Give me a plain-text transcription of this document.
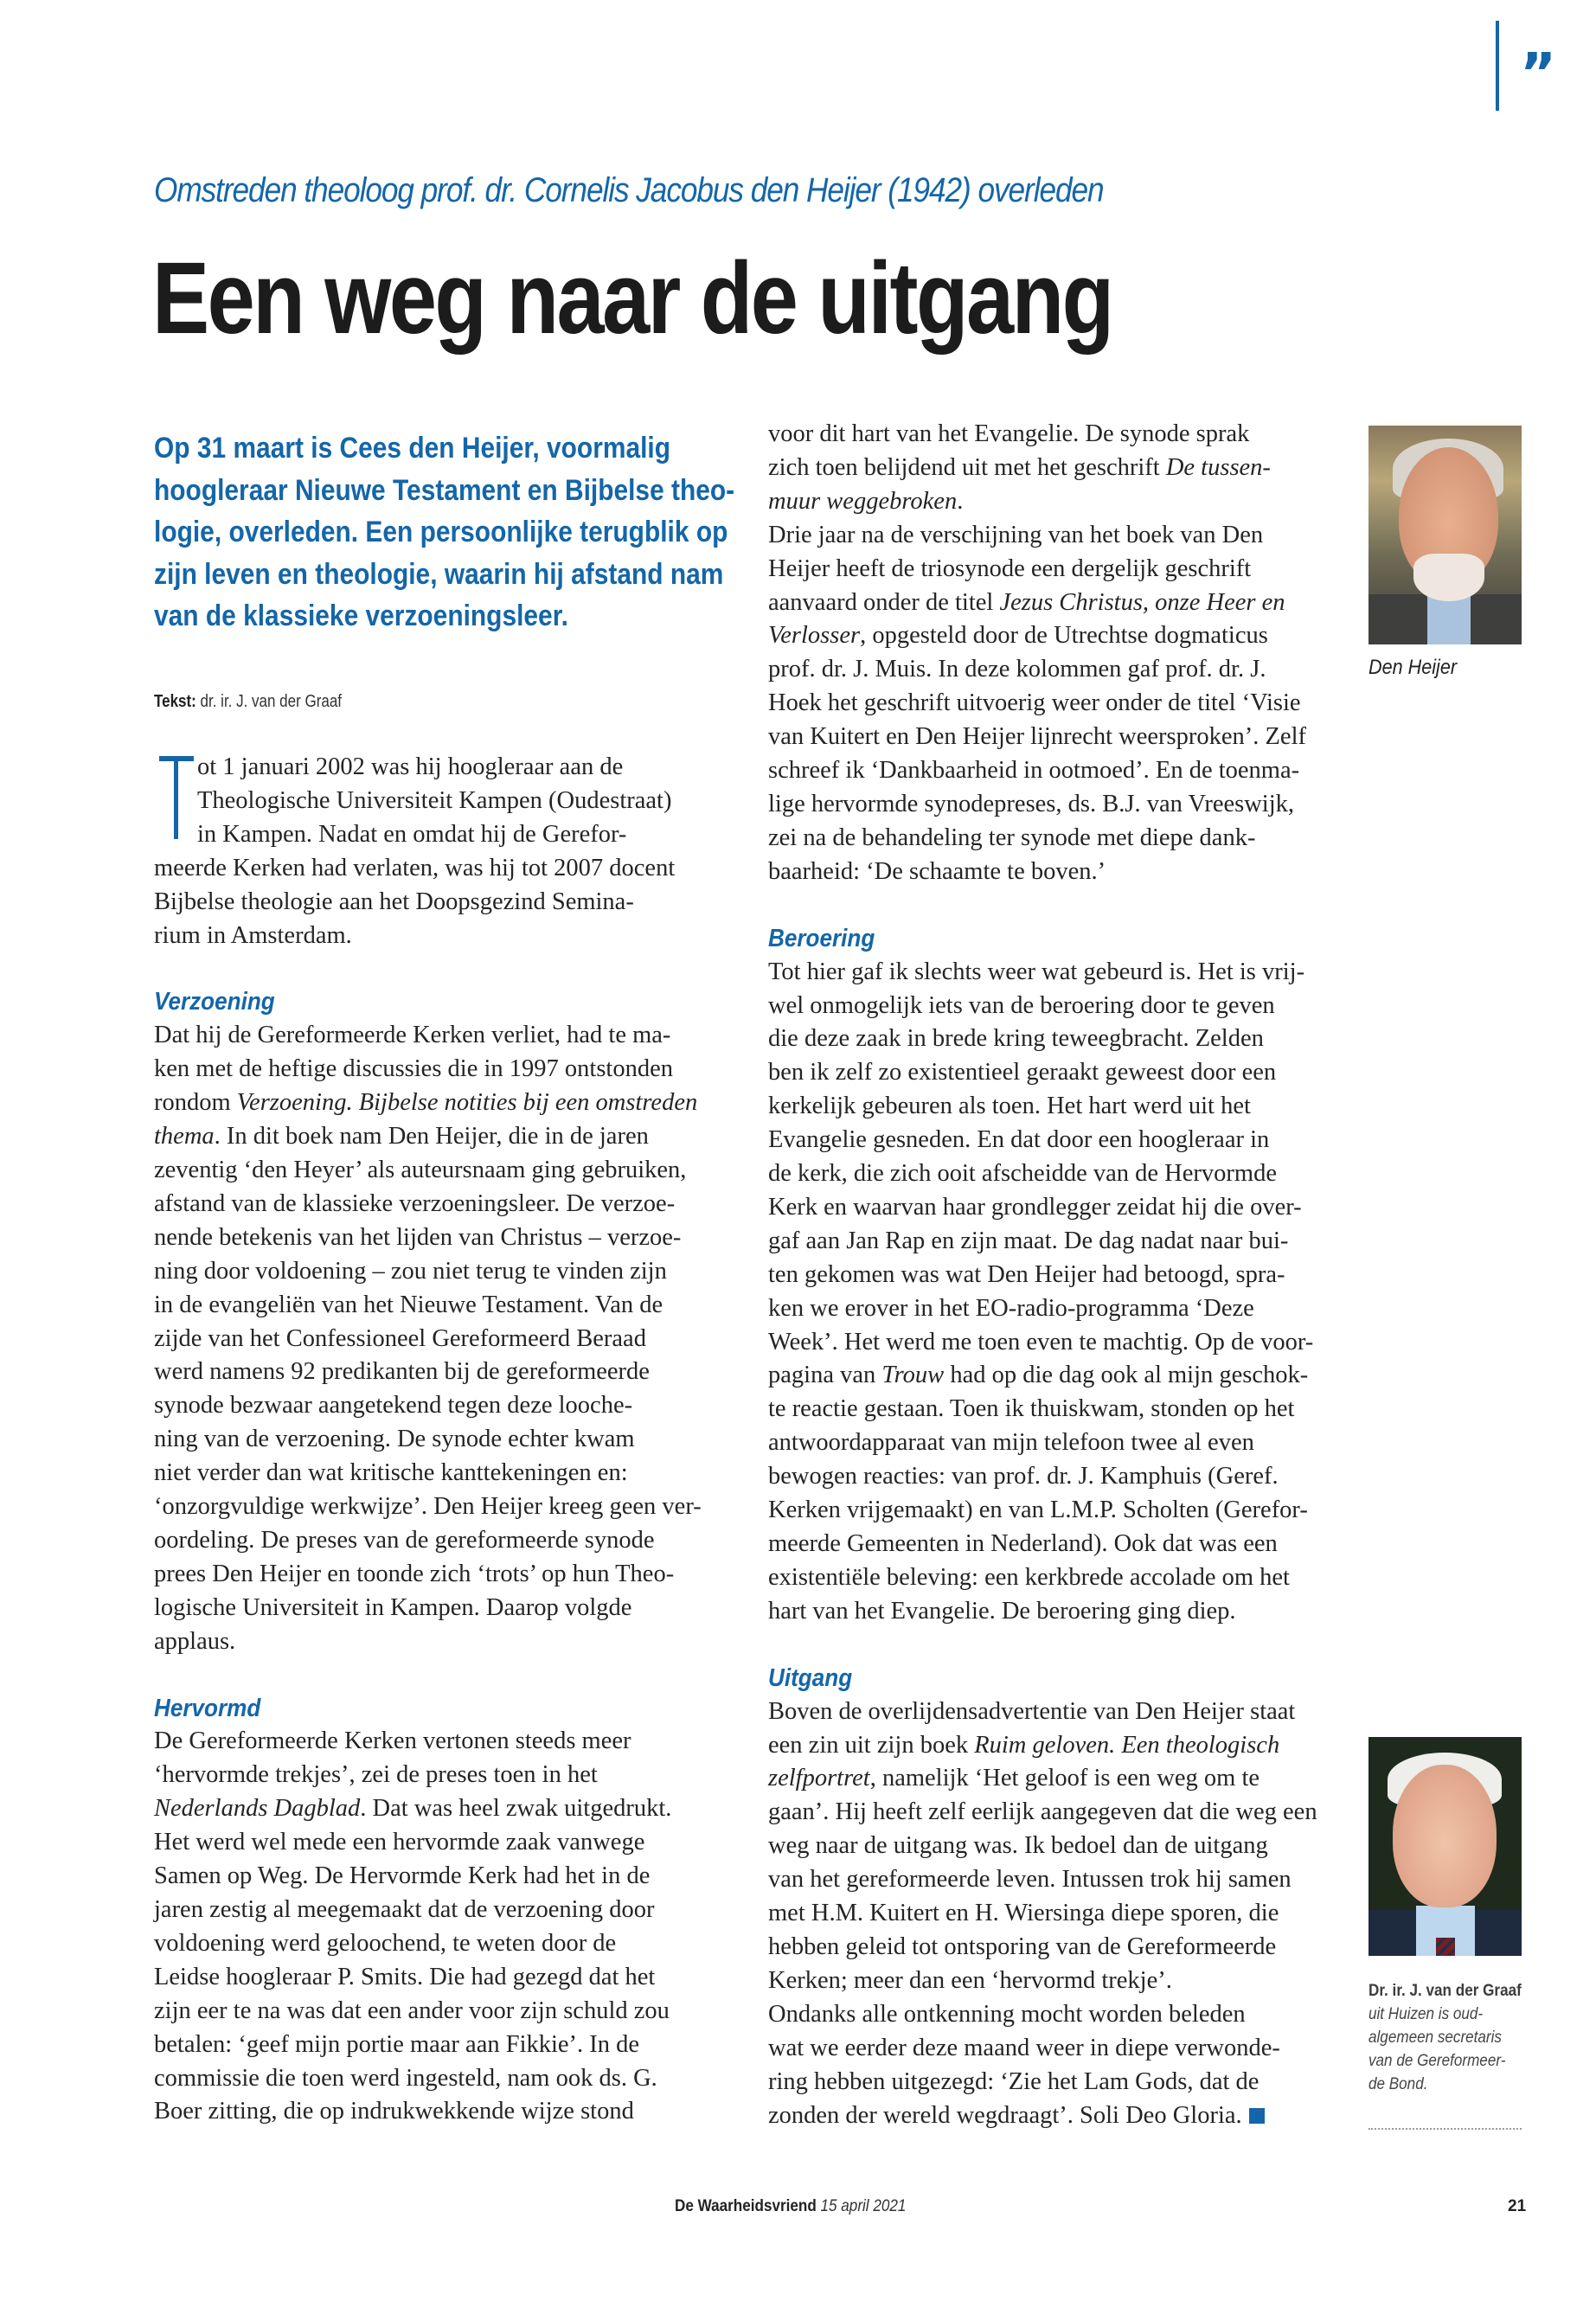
”
Omstreden theoloog prof. dr. Cornelis Jacobus den Heijer (1942) overleden
Een weg naar de uitgang
Op 31 maart is Cees den Heijer, voormalig
hoogleraar Nieuwe Testament en Bijbelse theo-
logie, overleden. Een persoonlijke terugblik op
zijn leven en theologie, waarin hij afstand nam
van de klassieke verzoeningsleer.
Tekst: dr. ir. J. van der Graaf
ot 1 januari 2002 was hij hoogleraar aan de
Theologische Universiteit Kampen (Oudestraat)
in Kampen. Nadat en omdat hij de Gerefor-
meerde Kerken had verlaten, was hij tot 2007 docent
Bijbelse theologie aan het Doopsgezind Semina-
rium in Amsterdam.
Verzoening
Dat hij de Gereformeerde Kerken verliet, had te ma-
ken met de heftige discussies die in 1997 ontstonden
rondom Verzoening. Bijbelse notities bij een omstreden
thema. In dit boek nam Den Heijer, die in de jaren
zeventig ‘den Heyer’ als auteursnaam ging gebruiken,
afstand van de klassieke verzoeningsleer. De verzoe-
nende betekenis van het lijden van Christus – verzoe-
ning door voldoening – zou niet terug te vinden zijn
in de evangeliën van het Nieuwe Testament. Van de
zijde van het Confessioneel Gereformeerd Beraad
werd namens 92 predikanten bij de gereformeerde
synode bezwaar aangetekend tegen deze looche-
ning van de verzoening. De synode echter kwam
niet verder dan wat kritische kanttekeningen en:
‘onzorgvuldige werkwijze’. Den Heijer kreeg geen ver-
oordeling. De preses van de gereformeerde synode
prees Den Heijer en toonde zich ‘trots’ op hun Theo-
logische Universiteit in Kampen. Daarop volgde
applaus.
Hervormd
De Gereformeerde Kerken vertonen steeds meer
‘hervormde trekjes’, zei de preses toen in het
Nederlands Dagblad. Dat was heel zwak uitgedrukt.
Het werd wel mede een hervormde zaak vanwege
Samen op Weg. De Hervormde Kerk had het in de
jaren zestig al meegemaakt dat de verzoening door
voldoening werd geloochend, te weten door de
Leidse hoogleraar P. Smits. Die had gezegd dat het
zijn eer te na was dat een ander voor zijn schuld zou
betalen: ‘geef mijn portie maar aan Fikkie’. In de
commissie die toen werd ingesteld, nam ook ds. G.
Boer zitting, die op indrukwekkende wijze stond
voor dit hart van het Evangelie. De synode sprak
zich toen belijdend uit met het geschrift De tussen-
muur weggebroken.
Drie jaar na de verschijning van het boek van Den
Heijer heeft de triosynode een dergelijk geschrift
aanvaard onder de titel Jezus Christus, onze Heer en
Verlosser, opgesteld door de Utrechtse dogmaticus
prof. dr. J. Muis. In deze kolommen gaf prof. dr. J.
Hoek het geschrift uitvoerig weer onder de titel ‘Visie
van Kuitert en Den Heijer lijnrecht weersproken’. Zelf
schreef ik ‘Dankbaarheid in ootmoed’. En de toenma-
lige hervormde synodepreses, ds. B.J. van Vreeswijk,
zei na de behandeling ter synode met diepe dank-
baarheid: ‘De schaamte te boven.’
Beroering
Tot hier gaf ik slechts weer wat gebeurd is. Het is vrij-
wel onmogelijk iets van de beroering door te geven
die deze zaak in brede kring teweegbracht. Zelden
ben ik zelf zo existentieel geraakt geweest door een
kerkelijk gebeuren als toen. Het hart werd uit het
Evangelie gesneden. En dat door een hoogleraar in
de kerk, die zich ooit afscheidde van de Hervormde
Kerk en waarvan haar grondlegger zeidat hij die over-
gaf aan Jan Rap en zijn maat. De dag nadat naar bui-
ten gekomen was wat Den Heijer had betoogd, spra-
ken we erover in het EO-radio-programma ‘Deze
Week’. Het werd me toen even te machtig. Op de voor-
pagina van Trouw had op die dag ook al mijn geschok-
te reactie gestaan. Toen ik thuiskwam, stonden op het
antwoordapparaat van mijn telefoon twee al even
bewogen reacties: van prof. dr. J. Kamphuis (Geref.
Kerken vrijgemaakt) en van L.M.P. Scholten (Gerefor-
meerde Gemeenten in Nederland). Ook dat was een
existentiële beleving: een kerkbrede accolade om het
hart van het Evangelie. De beroering ging diep.
Uitgang
Boven de overlijdensadvertentie van Den Heijer staat
een zin uit zijn boek Ruim geloven. Een theologisch
zelfportret, namelijk ‘Het geloof is een weg om te
gaan’. Hij heeft zelf eerlijk aangegeven dat die weg een
weg naar de uitgang was. Ik bedoel dan de uitgang
van het gereformeerde leven. Intussen trok hij samen
met H.M. Kuitert en H. Wiersinga diepe sporen, die
hebben geleid tot ontsporing van de Gereformeerde
Kerken; meer dan een ‘hervormd trekje’.
Ondanks alle ontkenning mocht worden beleden
wat we eerder deze maand weer in diepe verwonde-
ring hebben uitgezegd: ‘Zie het Lam Gods, dat de
zonden der wereld wegdraagt’. Soli Deo Gloria.
Den Heijer
Dr. ir. J. van der Graaf
uit Huizen is oud-
algemeen secretaris
van de Gereformeer-
de Bond.
De Waarheidsvriend 15 april 2021	21
